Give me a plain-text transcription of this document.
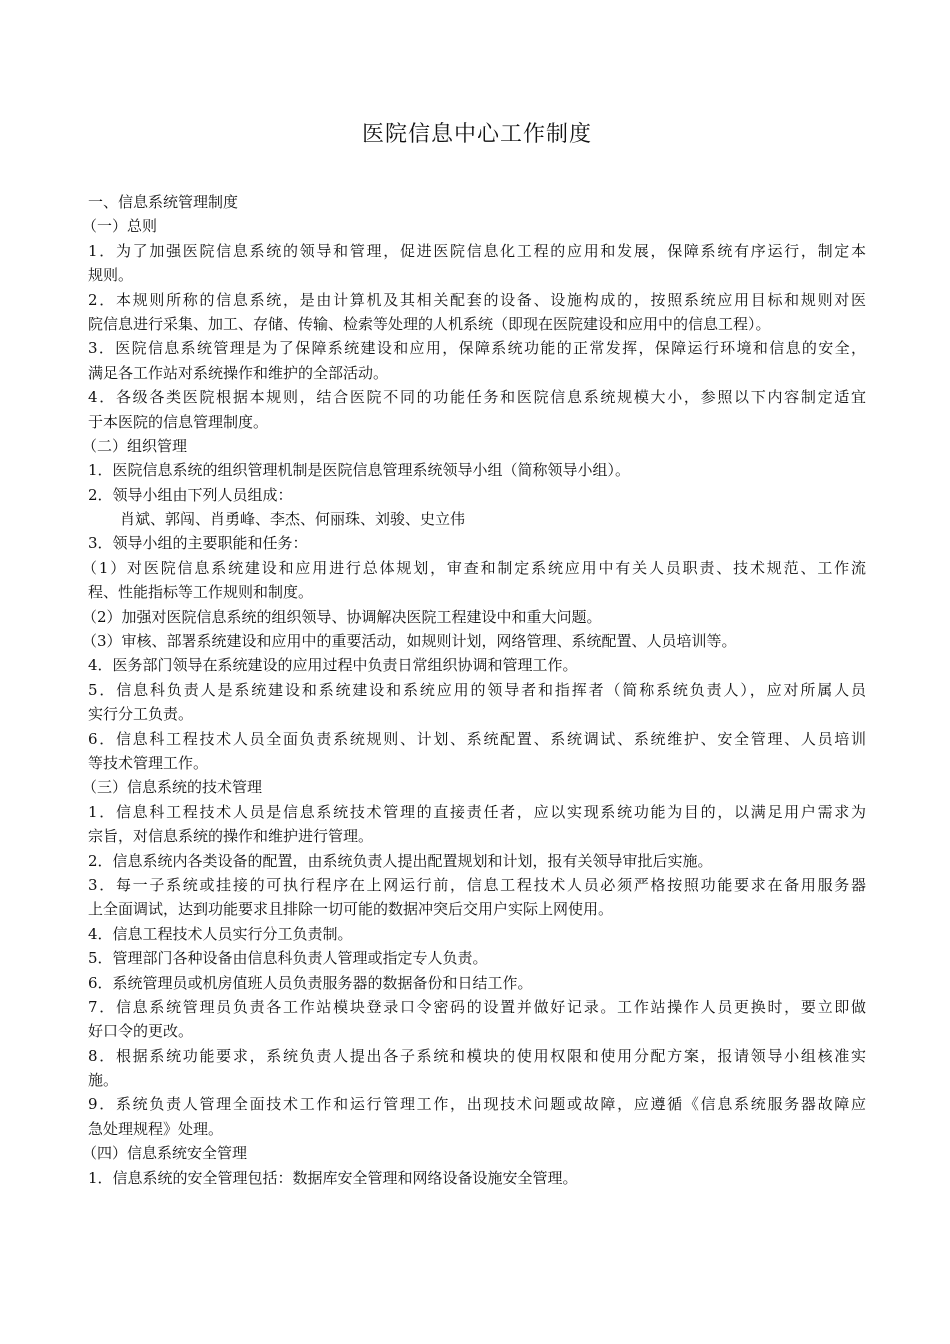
医院信息中心工作制度
一、信息系统管理制度
（一）总则
1．为了加强医院信息系统的领导和管理，促进医院信息化工程的应用和发展，保障系统有序运行，制定本
规则。
2．本规则所称的信息系统，是由计算机及其相关配套的设备、设施构成的，按照系统应用目标和规则对医
院信息进行采集、加工、存储、传输、检索等处理的人机系统（即现在医院建设和应用中的信息工程）。
3．医院信息系统管理是为了保障系统建设和应用，保障系统功能的正常发挥，保障运行环境和信息的安全，
满足各工作站对系统操作和维护的全部活动。
4．各级各类医院根据本规则，结合医院不同的功能任务和医院信息系统规模大小，参照以下内容制定适宜
于本医院的信息管理制度。
（二）组织管理
1．医院信息系统的组织管理机制是医院信息管理系统领导小组（简称领导小组）。
2．领导小组由下列人员组成：
肖斌、郭闯、肖勇峰、李杰、何丽珠、刘骏、史立伟
3．领导小组的主要职能和任务：
（1）对医院信息系统建设和应用进行总体规划，审查和制定系统应用中有关人员职责、技术规范、工作流
程、性能指标等工作规则和制度。
（2）加强对医院信息系统的组织领导、协调解决医院工程建设中和重大问题。
（3）审核、部署系统建设和应用中的重要活动，如规则计划，网络管理、系统配置、人员培训等。
4．医务部门领导在系统建设的应用过程中负责日常组织协调和管理工作。
5．信息科负责人是系统建设和系统建设和系统应用的领导者和指挥者（简称系统负责人），应对所属人员
实行分工负责。
6．信息科工程技术人员全面负责系统规则、计划、系统配置、系统调试、系统维护、安全管理、人员培训
等技术管理工作。
（三）信息系统的技术管理
1．信息科工程技术人员是信息系统技术管理的直接责任者，应以实现系统功能为目的，以满足用户需求为
宗旨，对信息系统的操作和维护进行管理。
2．信息系统内各类设备的配置，由系统负责人提出配置规划和计划，报有关领导审批后实施。
3．每一子系统或挂接的可执行程序在上网运行前，信息工程技术人员必须严格按照功能要求在备用服务器
上全面调试，达到功能要求且排除一切可能的数据冲突后交用户实际上网使用。
4．信息工程技术人员实行分工负责制。
5．管理部门各种设备由信息科负责人管理或指定专人负责。
6．系统管理员或机房值班人员负责服务器的数据备份和日结工作。
7．信息系统管理员负责各工作站模块登录口令密码的设置并做好记录。工作站操作人员更换时，要立即做
好口令的更改。
8．根据系统功能要求，系统负责人提出各子系统和模块的使用权限和使用分配方案，报请领导小组核准实
施。
9．系统负责人管理全面技术工作和运行管理工作，出现技术问题或故障，应遵循《信息系统服务器故障应
急处理规程》处理。
（四）信息系统安全管理
1．信息系统的安全管理包括：数据库安全管理和网络设备设施安全管理。
